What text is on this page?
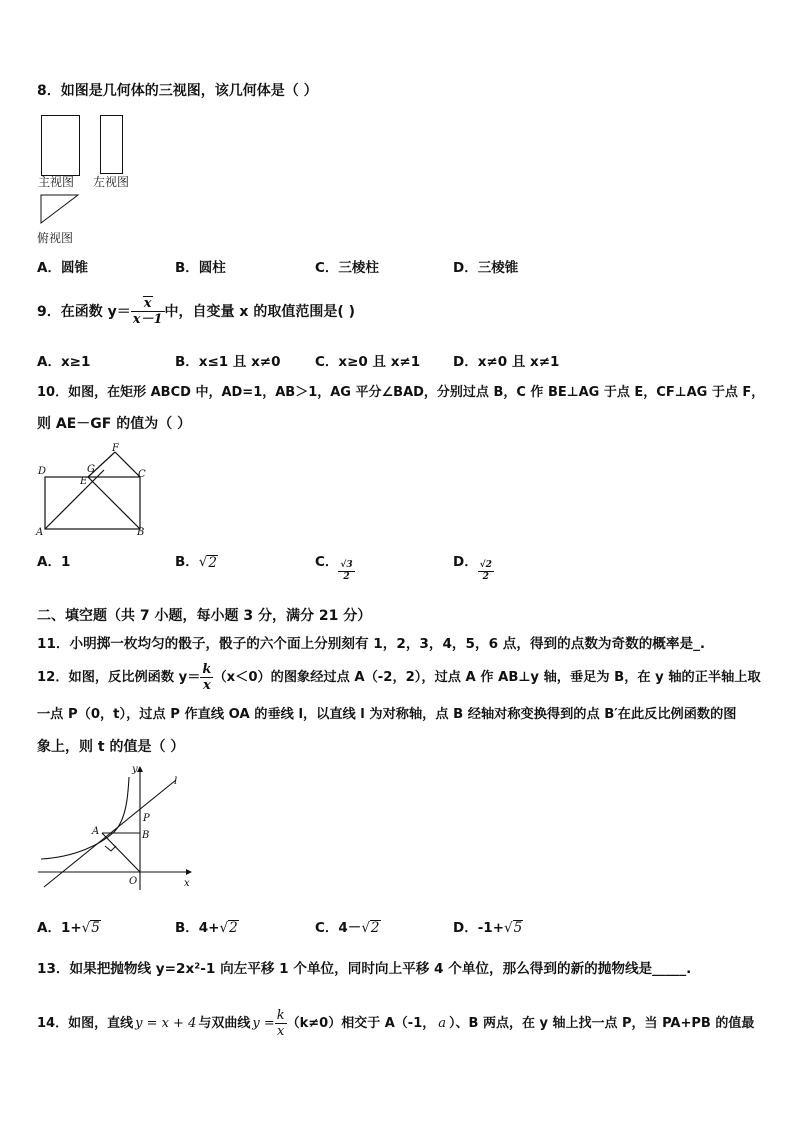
8．如图是几何体的三视图，该几何体是（ ）
主视图 左视图
俯视图
A．圆锥	B．圆柱	C．三棱柱	D．三棱锥
9．在函数 $y= \frac{x}{x-1}$ 中，自变量 x 的取值范围是( )
A．x≥1	B．x≤1 且 x≠0	C．x≥0 且 x≠1 D．x≠0 且 x≠1
10．如图，在矩形 ABCD 中，AD=1，AB＞1，AG 平分∠BAD，分别过点 B，C 作 BE⊥AG 于点 E，CF⊥AG 于点 F，
则 AE－GF 的值为（ ）
D	G
F
C
E
A	B
A．1	B． √ 2	C． $\frac{√3}{2}$	D． $\frac{√2}{2}$
二、填空题（共 7 小题，每小题 3 分，满分 21 分）
11．小明掷一枚均匀的骰子，骰子的六个面上分别刻有 1，2，3，4，5，6 点，得到的点数为奇数的概率是_.
12．如图，反比例函数 $y= \frac{k}{x} (x<0)$的图象经过点 A（-2，2），过点 A 作 AB⊥y 轴，垂足为 B，在 y 轴的正半轴上取
一点 P（0，t），过点 P 作直线 OA 的垂线 l，以直线 l 为对称轴，点 B 经轴对称变换得到的点 B′在此反比例函数的图
象上，则 t 的值是（ ）
y
l
P
A	B
O	x
A．1+√5	B．4+√2	C．4－√2	D．-1+√5
13．如果把抛物线 y=2x²-1 向左平移 1 个单位，同时向上平移 4 个单位，那么得到的新的抛物线是_____.
14．如图，直线 y = x + 4 与双曲线 $y = \frac{k}{x} (k\ne 0)$相交于 A（-1， a ）、B 两点，在 y 轴上找一点 P，当 PA+PB 的值最
